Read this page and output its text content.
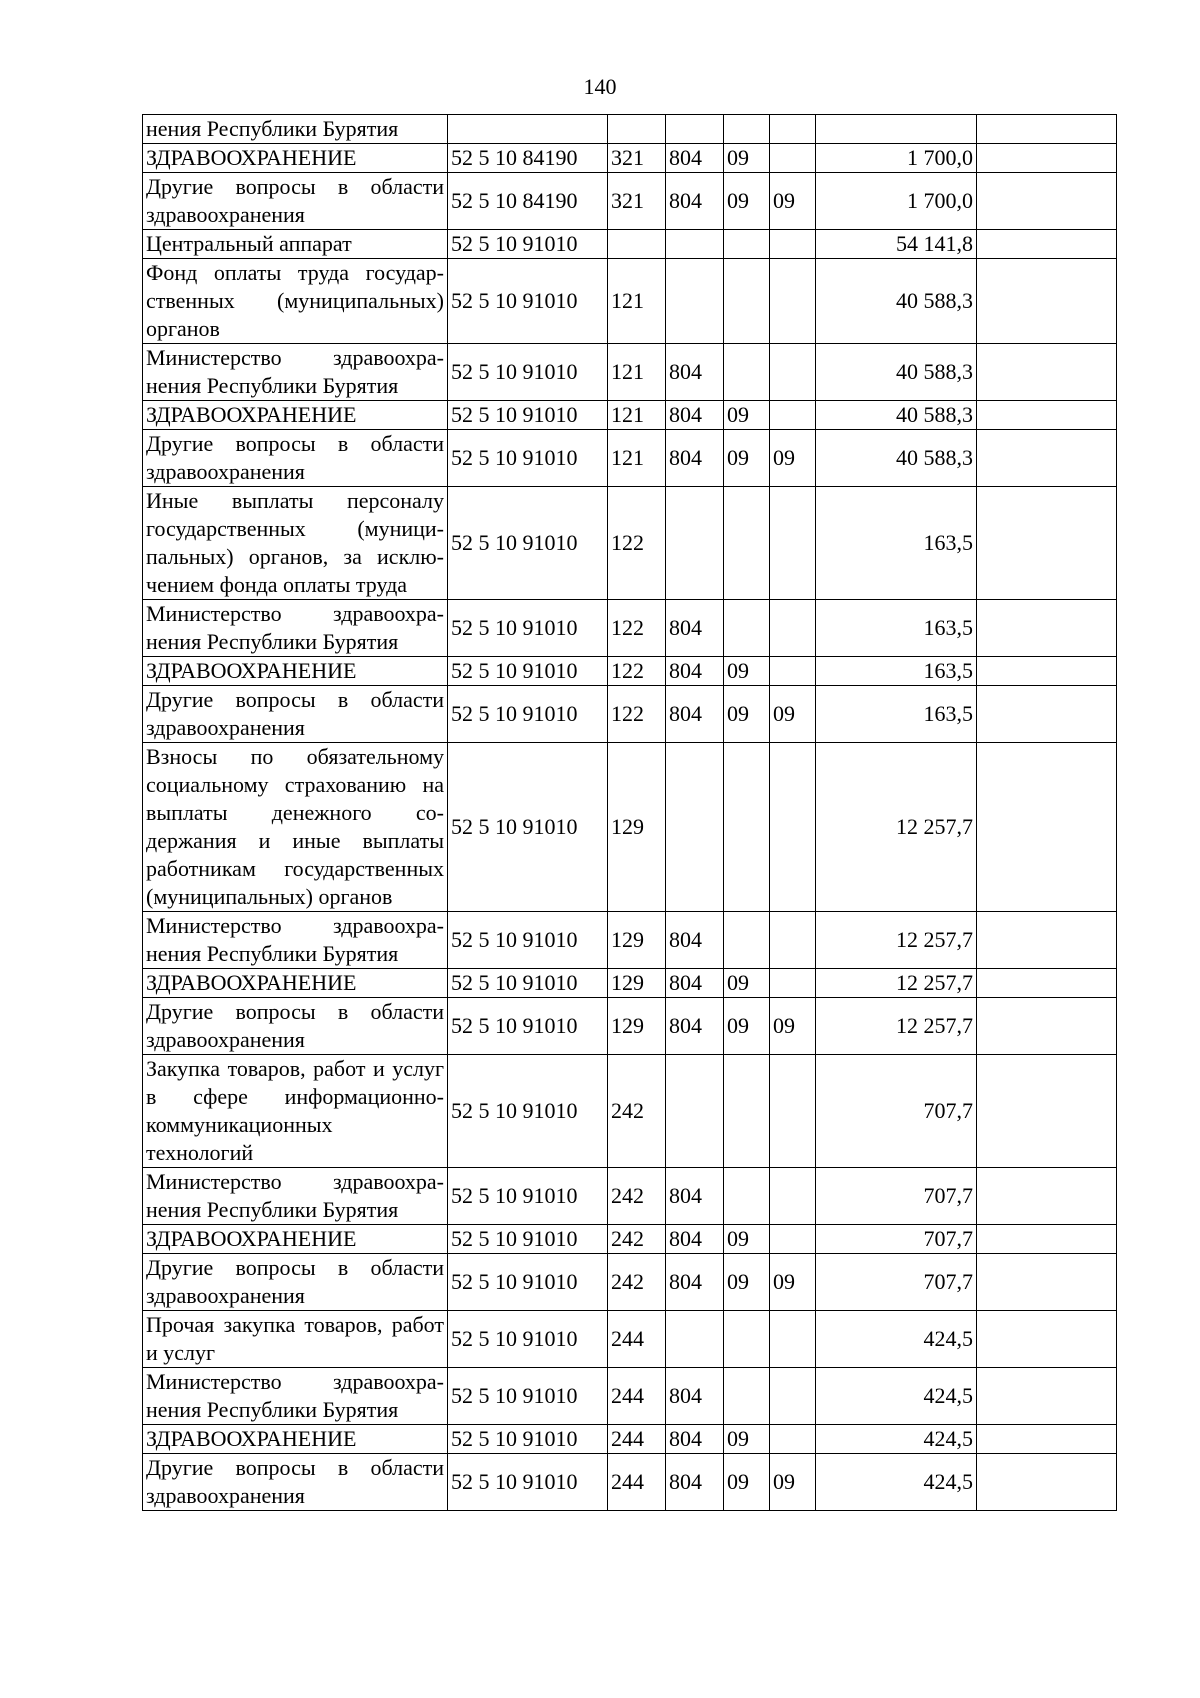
140
нения Республики Бурятия							
ЗДРАВООХРАНЕНИЕ	52 5 10 84190	321	804	09		1 700,0	
Другие вопросы в области здравоохранения	52 5 10 84190	321	804	09	09	1 700,0	
Центральный аппарат	52 5 10 91010					54 141,8	
Фонд оплаты труда государственных (муниципальных) органов	52 5 10 91010	121				40 588,3	
Министерство здравоохранения Республики Бурятия	52 5 10 91010	121	804			40 588,3	
ЗДРАВООХРАНЕНИЕ	52 5 10 91010	121	804	09		40 588,3	
Другие вопросы в области здравоохранения	52 5 10 91010	121	804	09	09	40 588,3	
Иные выплаты персоналу государственных (муниципальных) органов, за исключением фонда оплаты труда	52 5 10 91010	122				163,5	
Министерство здравоохранения Республики Бурятия	52 5 10 91010	122	804			163,5	
ЗДРАВООХРАНЕНИЕ	52 5 10 91010	122	804	09		163,5	
Другие вопросы в области здравоохранения	52 5 10 91010	122	804	09	09	163,5	
Взносы по обязательному социальному страхованию на выплаты денежного содержания и иные выплаты работникам государственных (муниципальных) органов	52 5 10 91010	129				12 257,7	
Министерство здравоохранения Республики Бурятия	52 5 10 91010	129	804			12 257,7	
ЗДРАВООХРАНЕНИЕ	52 5 10 91010	129	804	09		12 257,7	
Другие вопросы в области здравоохранения	52 5 10 91010	129	804	09	09	12 257,7	
Закупка товаров, работ и услуг в сфере информационно-коммуникационных технологий	52 5 10 91010	242				707,7	
Министерство здравоохранения Республики Бурятия	52 5 10 91010	242	804			707,7	
ЗДРАВООХРАНЕНИЕ	52 5 10 91010	242	804	09		707,7	
Другие вопросы в области здравоохранения	52 5 10 91010	242	804	09	09	707,7	
Прочая закупка товаров, работ и услуг	52 5 10 91010	244				424,5	
Министерство здравоохранения Республики Бурятия	52 5 10 91010	244	804			424,5	
ЗДРАВООХРАНЕНИЕ	52 5 10 91010	244	804	09		424,5	
Другие вопросы в области здравоохранения	52 5 10 91010	244	804	09	09	424,5	
